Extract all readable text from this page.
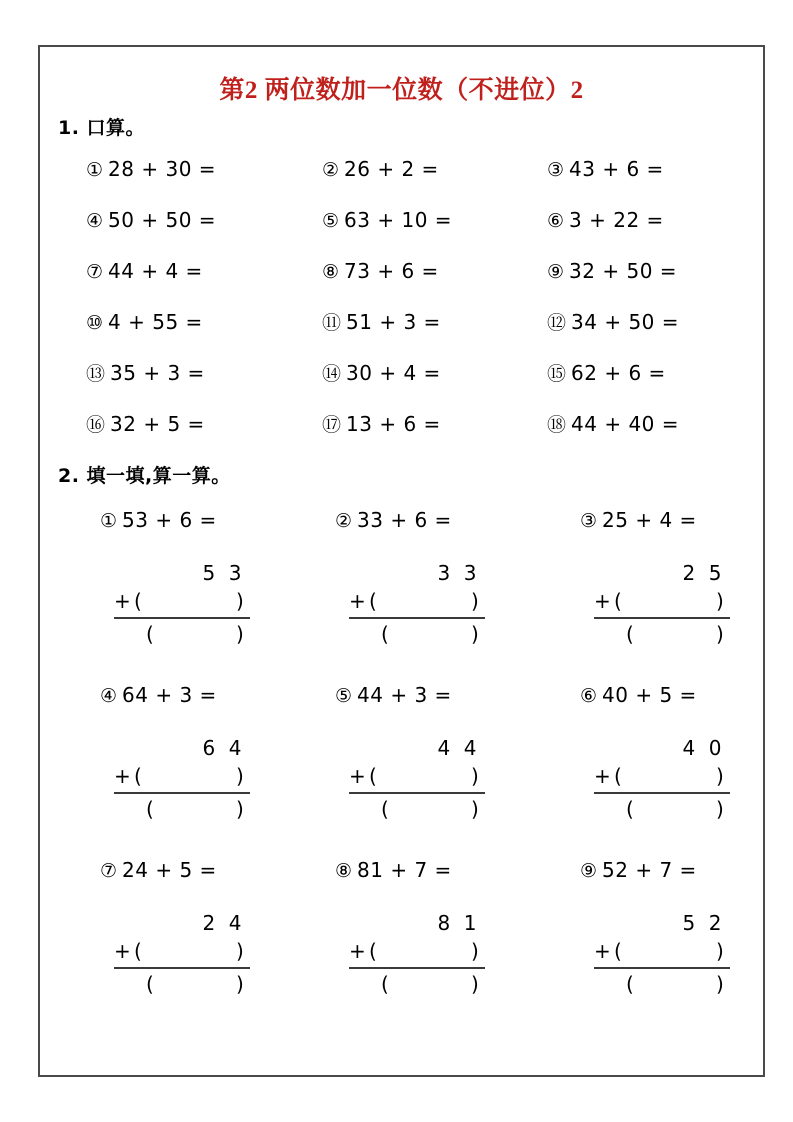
第2 两位数加一位数（不进位）2
1. 口算。
① 28 + 30 =	② 26 + 2 =	③ 43 + 6 =
④ 50 + 50 =	⑤ 63 + 10 =	⑥ 3 + 22 =
⑦ 44 + 4 =	⑧ 73 + 6 =	⑨ 32 + 50 =
⑩ 4 + 55 =	⑪ 51 + 3 =	⑫ 34 + 50 =
⑬ 35 + 3 =	⑭ 30 + 4 =	⑮ 62 + 6 =
⑯ 32 + 5 =	⑰ 13 + 6 =	⑱ 44 + 40 =
2. 填一填,算一算。
① 53 + 6 =
5 3
+ (	)
(	)
② 33 + 6 =
3 3
+ (	)
(	)
③ 25 + 4 =
2 5
+ (	)
(	)
④ 64 + 3 =
6 4
+ (	)
(	)
⑤ 44 + 3 =
4 4
+ (	)
(	)
⑥ 40 + 5 =
4 0
+ (	)
(	)
⑦ 24 + 5 =
2 4
+ (	)
(	)
⑧ 81 + 7 =
8 1
+ (	)
(	)
⑨ 52 + 7 =
5 2
+ (	)
(	)
